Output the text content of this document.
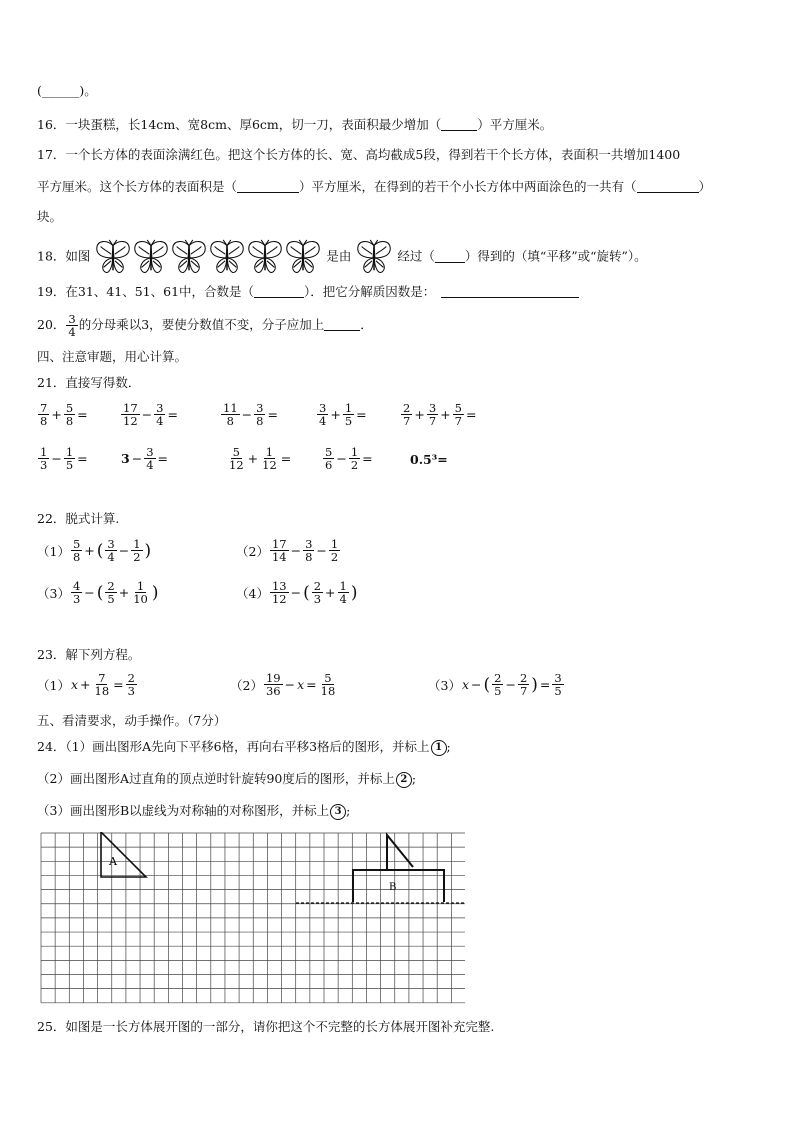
(______)。
16．一块蛋糕，长14cm、宽8cm、厚6cm，切一刀，表面积最少增加（	）平方厘米。
17．一个长方体的表面涂满红色。把这个长方体的长、宽、高均截成5段，得到若干个长方体，表面积一共增加1400
平方厘米。这个长方体的表面积是（	）平方厘米，在得到的若干个小长方体中两面涂色的一共有（	）
块。
18．如图	是由	经过（ ）得到的（填“平移”或“旋转”）。
19．在31、41、51、61中，合数是（	）．把它分解质因数是：
20． $\frac{3}{4}$ 的分母乘以3，要使分数值不变，分子应加上	．
四、注意审题，用心计算。
21．直接写得数．
$\frac{7}{8} + \frac{5}{8}$ =	$\frac{17}{12} - \frac{3}{4}$ =	$\frac{11}{8} - \frac{3}{8}$ =	$\frac{3}{4} + \frac{1}{5}$ =	$\frac{2}{7} + \frac{3}{7} + \frac{5}{7}$ =
$\frac{1}{3} - \frac{1}{5}$ =	$3 - \frac{3}{4}$ =	$\frac{5}{12} + \frac{1}{12}$ =	$\frac{5}{6} - \frac{1}{2}$ =	0.5³=
22．脱式计算.
$(1) \frac{5}{8}$ + ( $\frac{3}{4} - \frac{1}{2}$ )	$(2) \frac{17}{14} - \frac{3}{8} - \frac{1}{2}$
$(3) \frac{4}{3}$ − ( $\frac{2}{5} + \frac{1}{10}$ )	$(4) \frac{13}{12}$ − ( $\frac{2}{3} + \frac{1}{4}$ )
23．解下列方程。
（1） $x + \frac{7}{18} = \frac{2}{3}$	$(2) \frac{19}{36} - x = \frac{5}{18}$	（3） x − ( $\frac{2}{5} - \frac{2}{7}$ ) = $\frac{3}{5}$
五、看清要求，动手操作。（7分）
24．（1）画出图形A先向下平移6格，再向右平移3格后的图形，并标上 1 ;
（2）画出图形A过直角的顶点逆时针旋转90度后的图形，并标上 2 ;
（3）画出图形B以虚线为对称轴的对称图形，并标上 3 ;
A
B
25．如图是一长方体展开图的一部分，请你把这个不完整的长方体展开图补充完整.
